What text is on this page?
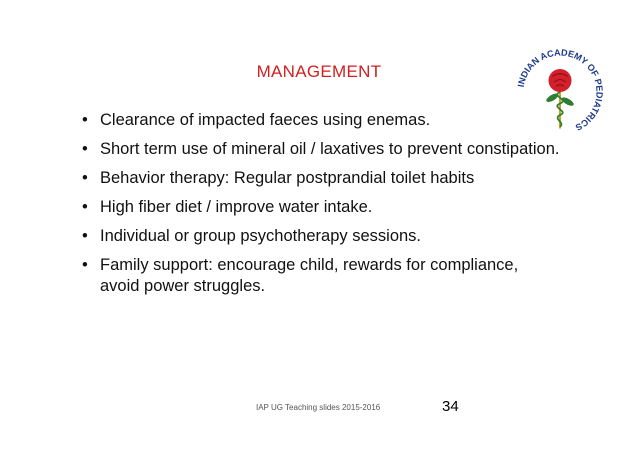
MANAGEMENT
INDIAN ACADEMY OF PEDIATRICS
• Clearance of impacted faeces using enemas.
• Short term use of mineral oil / laxatives to prevent constipation.
• Behavior therapy: Regular postprandial toilet habits
• High fiber diet / improve water intake.
• Individual or group psychotherapy sessions.
• Family support: encourage child, rewards for compliance, avoid power struggles.
IAP UG Teaching slides 2015-2016	34
